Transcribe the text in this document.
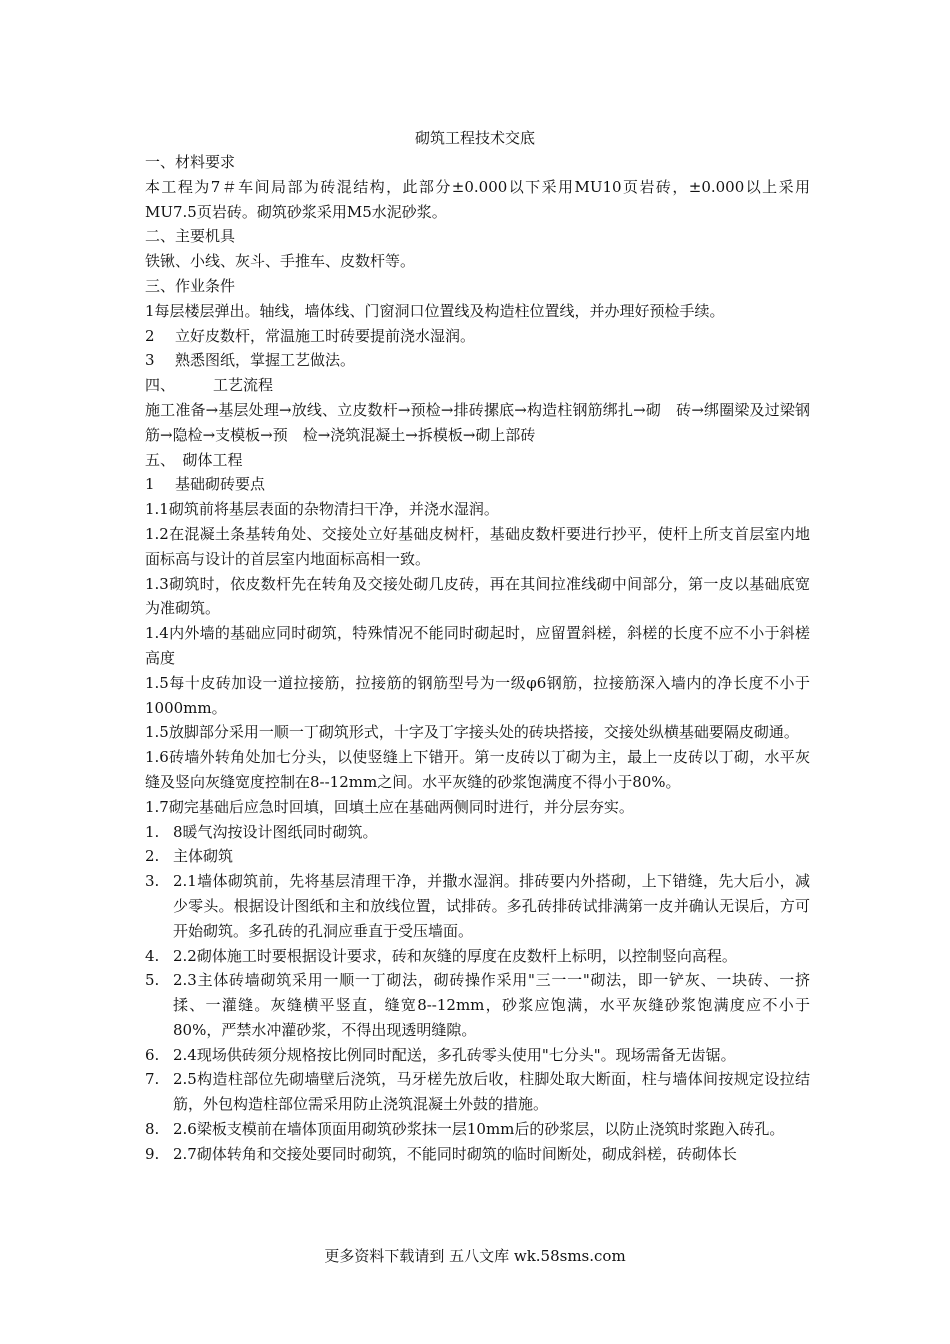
砌筑工程技术交底

一、材料要求

本工程为7＃车间局部为砖混结构，此部分±0.000以下采用MU10页岩砖，±0.000以上采用MU7.5页岩砖。砌筑砂浆采用M5水泥砂浆。

二、主要机具

铁锹、小线、灰斗、手推车、皮数杆等。

三、作业条件

1每层楼层弹出。轴线，墙体线、门窗洞口位置线及构造柱位置线，并办理好预检手续。

2 立好皮数杆，常温施工时砖要提前浇水湿润。

3 熟悉图纸，掌握工艺做法。

四、	工艺流程

施工准备→基层处理→放线、立皮数杆→预检→排砖摞底→构造柱钢筋绑扎→砌　砖→绑圈梁及过梁钢筋→隐检→支模板→预　检→浇筑混凝土→拆模板→砌上部砖

五、　砌体工程

1 基础砌砖要点

1.1砌筑前将基层表面的杂物清扫干净，并浇水湿润。

1.2在混凝土条基转角处、交接处立好基础皮树杆，基础皮数杆要进行抄平，使杆上所支首层室内地面标高与设计的首层室内地面标高相一致。

1.3砌筑时，依皮数杆先在转角及交接处砌几皮砖，再在其间拉准线砌中间部分，第一皮以基础底宽为准砌筑。

1.4内外墙的基础应同时砌筑，特殊情况不能同时砌起时，应留置斜槎，斜槎的长度不应不小于斜槎高度

1.5每十皮砖加设一道拉接筋，拉接筋的钢筋型号为一级φ6钢筋，拉接筋深入墙内的净长度不小于1000mm。

1.5放脚部分采用一顺一丁砌筑形式，十字及丁字接头处的砖块搭接，交接处纵横基础要隔皮砌通。

1.6砖墙外转角处加七分头，以使竖缝上下错开。第一皮砖以丁砌为主，最上一皮砖以丁砌，水平灰缝及竖向灰缝宽度控制在8--12mm之间。水平灰缝的砂浆饱满度不得小于80%。

1.7砌完基础后应急时回填，回填土应在基础两侧同时进行，并分层夯实。

1. 8暖气沟按设计图纸同时砌筑。
2. 主体砌筑
3. 2.1墙体砌筑前，先将基层清理干净，并撒水湿润。排砖要内外搭砌，上下错缝，先大后小，减少零头。根据设计图纸和主和放线位置，试排砖。多孔砖排砖试排满第一皮并确认无误后，方可开始砌筑。多孔砖的孔洞应垂直于受压墙面。
4. 2.2砌体施工时要根据设计要求，砖和灰缝的厚度在皮数杆上标明，以控制竖向高程。
5. 2.3主体砖墙砌筑采用一顺一丁砌法，砌砖操作采用"三一一"砌法，即一铲灰、一块砖、一挤揉、一灌缝。灰缝横平竖直，缝宽8--12mm，砂浆应饱满，水平灰缝砂浆饱满度应不小于80%，严禁水冲灌砂浆，不得出现透明缝隙。
6. 2.4现场供砖须分规格按比例同时配送，多孔砖零头使用"七分头"。现场需备无齿锯。
7. 2.5构造柱部位先砌墙壁后浇筑，马牙槎先放后收，柱脚处取大断面，柱与墙体间按规定设拉结筋，外包构造柱部位需采用防止浇筑混凝土外鼓的措施。
8. 2.6梁板支模前在墙体顶面用砌筑砂浆抹一层10mm后的砂浆层，以防止浇筑时浆跑入砖孔。
9. 2.7砌体转角和交接处要同时砌筑，不能同时砌筑的临时间断处，砌成斜槎，砖砌体长
更多资料下载请到 五八文库 wk.58sms.com
